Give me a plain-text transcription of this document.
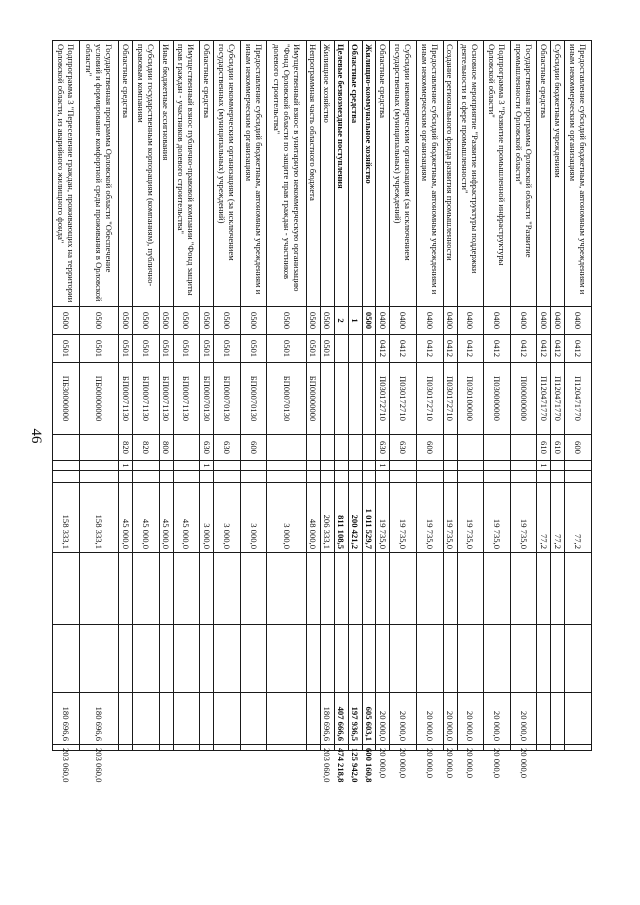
46
Предоставление субсидий бюджетным, автономным учреждениям и иным некоммерческим организациям	0400	0412	П120471770	600			77,2				
Субсидии бюджетным учреждениям	0400	0412	П120471770	610			77,2				
Областные средства	0400	0412	П120471770	610	1		77,2				
Государственная программа Орловской области "Развитие промышленности Орловской области"	0400	0412	П000000000				19 735,0			20 000,0	20 000,0
Подпрограмма 3 "Развитие промышленной инфраструктуры Орловской области"	0400	0412	П030000000				19 735,0			20 000,0	20 000,0
Основное мероприятие "Развитие инфраструктуры поддержки деятельности в сфере промышленности"	0400	0412	П030100000				19 735,0			20 000,0	20 000,0
Создание регионального фонда развития промышленности	0400	0412	П030172710				19 735,0			20 000,0	20 000,0
Предоставление субсидий бюджетным, автономным учреждениям и иным некоммерческим организациям	0400	0412	П030172710	600			19 735,0			20 000,0	20 000,0
Субсидии некоммерческим организациям (за исключением государственных (муниципальных) учреждений)	0400	0412	П030172710	630			19 735,0			20 000,0	20 000,0
Областные средства	0400	0412	П030172710	630	1		19 735,0			20 000,0	20 000,0
Жилищно-коммунальное хозяйство	0500						1 011 529,7			605 603,1	600 160,8
Областные средства	1						200 421,2			197 936,5	125 942,0
Целевые безвозмездные поступления	2						811 108,5			407 666,6	474 218,8
Жилищное хозяйство	0500	0501					206 333,1			180 696,6	203 060,0
Непрограммная часть областного бюджета	0500	0501	БП00000000				48 000,0				
Имущественный взнос в унитарную некоммерческую организацию "Фонд Орловской области по защите прав граждан - участников долевого строительства"	0500	0501	БП00070130				3 000,0				
Предоставление субсидий бюджетным, автономным учреждениям и иным некоммерческим организациям	0500	0501	БП00070130	600			3 000,0				
Субсидии некоммерческим организациям (за исключением государственных (муниципальных) учреждений)	0500	0501	БП00070130	630			3 000,0				
Областные средства	0500	0501	БП00070130	630	1		3 000,0				
Имущественный взнос публично-правовой компании "Фонд защиты прав граждан - участников долевого строительства"	0500	0501	БП00071130				45 000,0				
Иные бюджетные ассигнования	0500	0501	БП00071130	800			45 000,0				
Субсидии государственным корпорациям (компаниям), публично-правовым компаниям	0500	0501	БП00071130	820			45 000,0				
Областные средства	0500	0501	БП00071130	820	1		45 000,0				
Государственная программа Орловской области "Обеспечение условий и формирование комфортной среды проживания в Орловской области"	0500	0501	ПБ00000000				158 333,1			180 696,6	203 060,0
Подпрограмма 3 "Переселение граждан, проживающих на территории Орловской области, из аварийного жилищного фонда"	0500	0501	ПБ30000000				158 333,1			180 696,6	203 060,0
